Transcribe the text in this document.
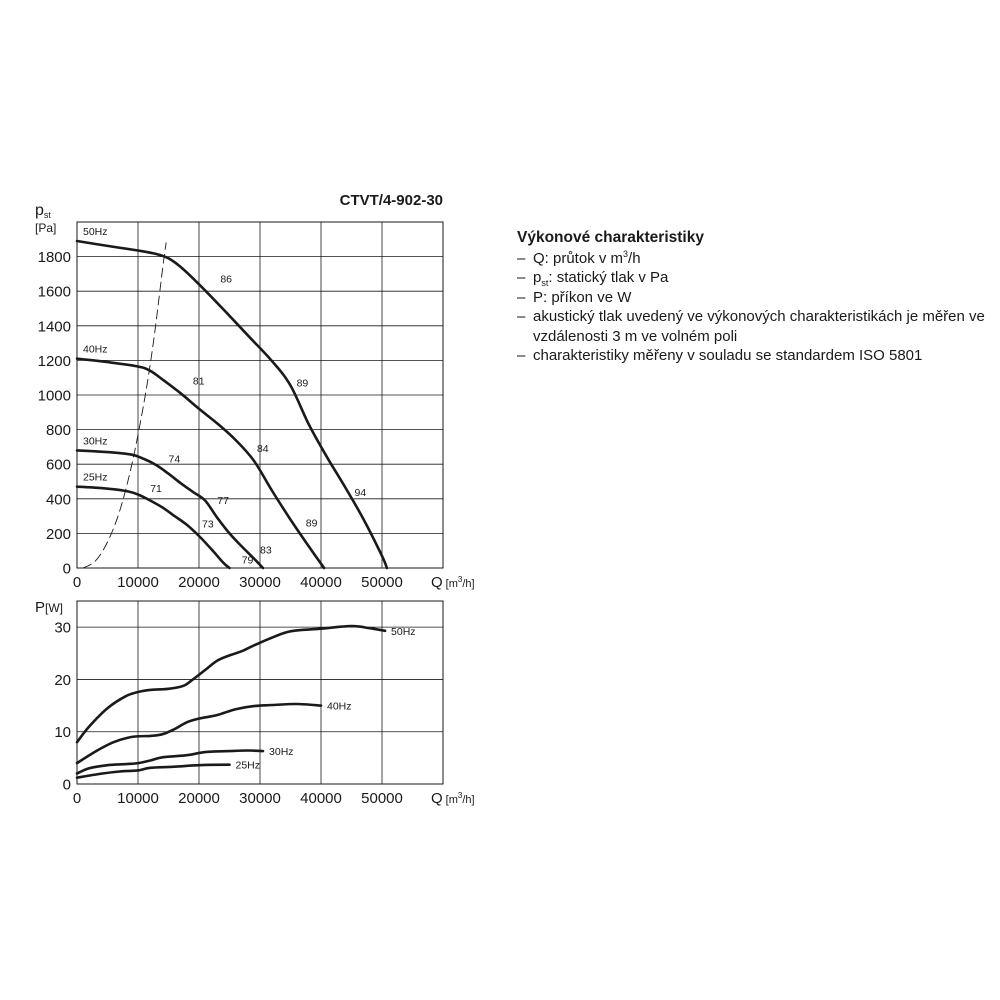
CTVT/4-902-30
0 10000 20000 30000 40000 50000
0
200
400
600
800
1000
1200
1400
1600
1800
Q [$m^3_{/h]}$
pst
[Pa]	50Hz
86
89
94
40Hz
81
84
89
30Hz
74
77
83
25Hz
71
73
79
0 10000 20000 30000 40000 50000
0
10
20
30
Q [$m^3_{/h]}$
P[W]
50Hz
40Hz
30Hz
25Hz
Výkonové charakteristiky
– Q: průtok v $m^3/h$
– $p_{st}$: statický tlak v Pa
– P: příkon ve W
– akustický tlak uvedený ve výkonových charakteristikách je měřen ve vzdálenosti 3 m ve volném poli
– charakteristiky měřeny v souladu se standardem ISO 5801
